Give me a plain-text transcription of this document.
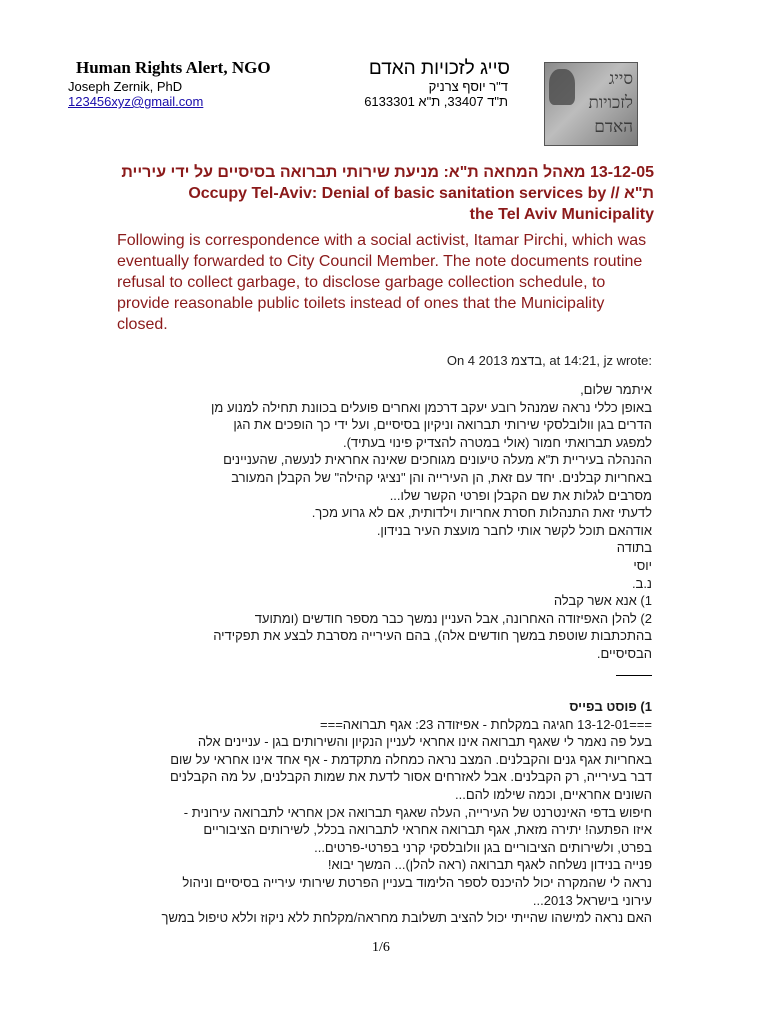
Human Rights Alert, NGO
Joseph Zernik, PhD
123456xyz@gmail.com
סייג לזכויות האדם
ד"ר יוסף צרניק
ת"ד 33407, ת"א 6133301
סייג
לזכויות
האדם
13-12-05 מאהל המחאה ת"א: מניעת שירותי תברואה בסיסיים על ידי עיריית
Occupy Tel-Aviv: Denial of basic sanitation services by // ת"א
the Tel Aviv Municipality
Following is correspondence with a social activist, Itamar Pirchi, which was eventually forwarded to City Council Member. The note documents routine refusal to collect garbage, to disclose garbage collection schedule, to provide reasonable public toilets instead of ones that the Municipality closed.
On 4 בדצמ 2013, at 14:21, jz wrote:
איתמר שלום,
באופן כללי נראה שמנהל רובע יעקב דרכמן ואחרים פועלים בכוונת תחילה למנוע מן
הדרים בגן וולובלסקי שירותי תברואה וניקיון בסיסיים, ועל ידי כך הופכים את הגן
למפגע תברואתי חמור (אולי במטרה להצדיק פינוי בעתיד).
ההנהלה בעיריית ת"א מעלה טיעונים מגוחכים שאינה אחראית לנעשה, שהעניינים
באחריות קבלנים. יחד עם זאת, הן העירייה והן "נציגי קהילה" של הקבלן המעורב
מסרבים לגלות את שם הקבלן ופרטי הקשר שלו...
לדעתי זאת התנהלות חסרת אחריות וילדותית, אם לא גרוע מכך.
אודהאם תוכל לקשר אותי לחבר מועצת העיר בנידון.
בתודה
יוסי
נ.ב.
1) אנא אשר קבלה
2) להלן האפיזודה האחרונה, אבל העניין נמשך כבר מספר חודשים (ומתועד
בהתכתבות שוטפת במשך חודשים אלה), בהם העירייה מסרבת לבצע את תפקידיה
הבסיסיים.
1) פוסט בפייס
===13-12-01 חגיגה במקלחת - אפיזודה 23: אגף תברואה===
בעל פה נאמר לי שאגף תברואה אינו אחראי לעניין הנקיון והשירותים בגן - עניינים אלה
באחריות אגף גנים והקבלנים. המצב נראה כמחלה מתקדמת - אף אחד אינו אחראי על שום
דבר בעירייה, רק הקבלנים. אבל לאזרחים אסור לדעת את שמות הקבלנים, על מה הקבלנים
השונים אחראיים, וכמה שילמו להם...
חיפוש בדפי האינטרנט של העירייה, העלה שאגף תברואה אכן אחראי לתברואה עירונית -
איזו הפתעה! יתירה מזאת, אגף תברואה אחראי לתברואה בכלל, לשירותים הציבוריים
בפרט, ולשירותים הציבוריים בגן וולובלסקי קרני בפרטי-פרטים...
פנייה בנידון נשלחה לאגף תברואה (ראה להלן)... המשך יבוא!
נראה לי שהמקרה יכול להיכנס לספר הלימוד בעניין הפרטת שירותי עירייה בסיסיים וניהול
עירוני בישראל 2013...
האם נראה למישהו שהייתי יכול להציב תשלובת מחראה/מקלחת ללא ניקוז וללא טיפול במשך
1/6
